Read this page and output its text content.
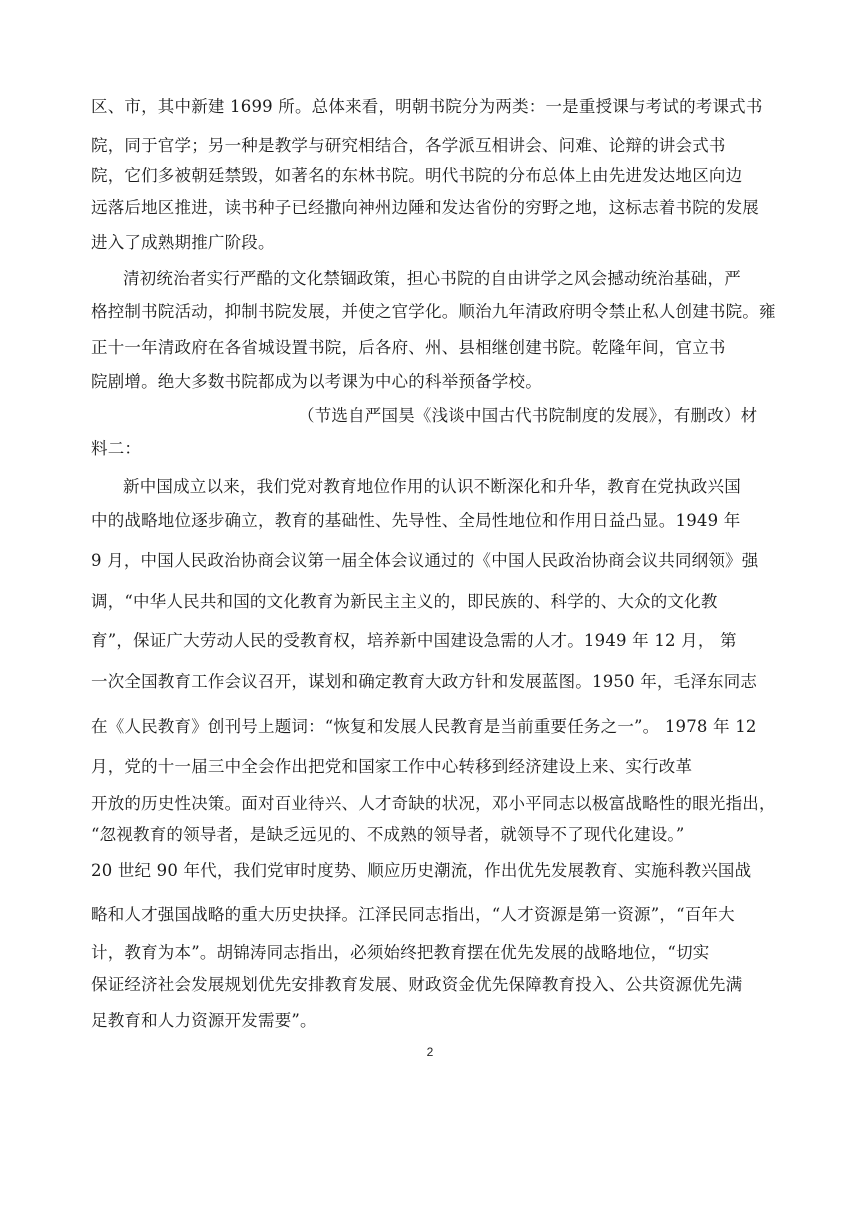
区、市，其中新建 1699 所。总体来看，明朝书院分为两类：一是重授课与考试的考课式书
院，同于官学；另一种是教学与研究相结合，各学派互相讲会、问难、论辩的讲会式书
院，它们多被朝廷禁毁，如著名的东林书院。明代书院的分布总体上由先进发达地区向边
远落后地区推进，读书种子已经撒向神州边陲和发达省份的穷野之地，这标志着书院的发展
进入了成熟期推广阶段。
清初统治者实行严酷的文化禁锢政策，担心书院的自由讲学之风会撼动统治基础，严
格控制书院活动，抑制书院发展，并使之官学化。顺治九年清政府明令禁止私人创建书院。雍
正十一年清政府在各省城设置书院，后各府、州、县相继创建书院。乾隆年间，官立书
院剧增。绝大多数书院都成为以考课为中心的科举预备学校。
（节选自严国昊《浅谈中国古代书院制度的发展》，有删改）材
料二：
新中国成立以来，我们党对教育地位作用的认识不断深化和升华，教育在党执政兴国
中的战略地位逐步确立，教育的基础性、先导性、全局性地位和作用日益凸显。1949 年
9 月，中国人民政治协商会议第一届全体会议通过的《中国人民政治协商会议共同纲领》强
调，“中华人民共和国的文化教育为新民主主义的，即民族的、科学的、大众的文化教
育”，保证广大劳动人民的受教育权，培养新中国建设急需的人才。1949 年 12 月， 第
一次全国教育工作会议召开，谋划和确定教育大政方针和发展蓝图。1950 年，毛泽东同志
在《人民教育》创刊号上题词：“恢复和发展人民教育是当前重要任务之一”。 1978 年 12
月，党的十一届三中全会作出把党和国家工作中心转移到经济建设上来、实行改革
开放的历史性决策。面对百业待兴、人才奇缺的状况，邓小平同志以极富战略性的眼光指出，
“忽视教育的领导者，是缺乏远见的、不成熟的领导者，就领导不了现代化建设。”
20 世纪 90 年代，我们党审时度势、顺应历史潮流，作出优先发展教育、实施科教兴国战
略和人才强国战略的重大历史抉择。江泽民同志指出，“人才资源是第一资源”，“百年大
计，教育为本”。胡锦涛同志指出，必须始终把教育摆在优先发展的战略地位，“切实
保证经济社会发展规划优先安排教育发展、财政资金优先保障教育投入、公共资源优先满
足教育和人力资源开发需要”。
2
